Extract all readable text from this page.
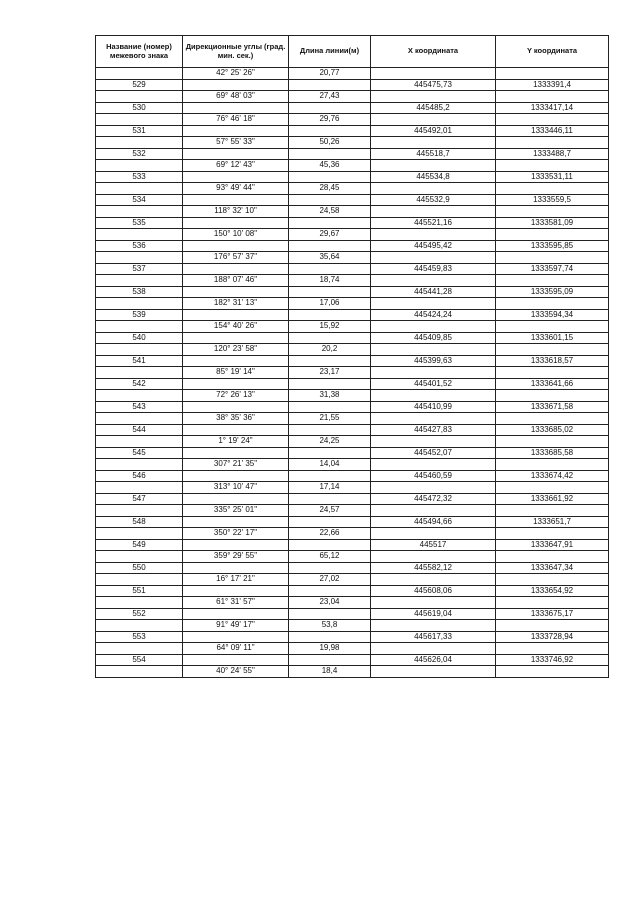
Название (номер) межевого знака	Дирекционные углы (град. мин. сек.)	Длина линии(м)	X координата	Y координата
	42° 25' 26"	20,77		
529			445475,73	1333391,4
	69° 48' 03"	27,43		
530			445485,2	1333417,14
	76° 46' 18"	29,76		
531			445492,01	1333446,11
	57° 55' 33"	50,26		
532			445518,7	1333488,7
	69° 12' 43"	45,36		
533			445534,8	1333531,11
	93° 49' 44"	28,45		
534			445532,9	1333559,5
	118° 32' 10"	24,58		
535			445521,16	1333581,09
	150° 10' 08"	29,67		
536			445495,42	1333595,85
	176° 57' 37"	35,64		
537			445459,83	1333597,74
	188° 07' 46"	18,74		
538			445441,28	1333595,09
	182° 31' 13"	17,06		
539			445424,24	1333594,34
	154° 40' 26"	15,92		
540			445409,85	1333601,15
	120° 23' 58"	20,2		
541			445399,63	1333618,57
	85° 19' 14"	23,17		
542			445401,52	1333641,66
	72° 26' 13"	31,38		
543			445410,99	1333671,58
	38° 35' 36"	21,55		
544			445427,83	1333685,02
	1° 19' 24"	24,25		
545			445452,07	1333685,58
	307° 21' 35"	14,04		
546			445460,59	1333674,42
	313° 10' 47"	17,14		
547			445472,32	1333661,92
	335° 25' 01"	24,57		
548			445494,66	1333651,7
	350° 22' 17"	22,66		
549			445517	1333647,91
	359° 29' 55"	65,12		
550			445582,12	1333647,34
	16° 17' 21"	27,02		
551			445608,06	1333654,92
	61° 31' 57"	23,04		
552			445619,04	1333675,17
	91° 49' 17"	53,8		
553			445617,33	1333728,94
	64° 09' 11"	19,98		
554			445626,04	1333746,92
	40° 24' 55"	18,4		
